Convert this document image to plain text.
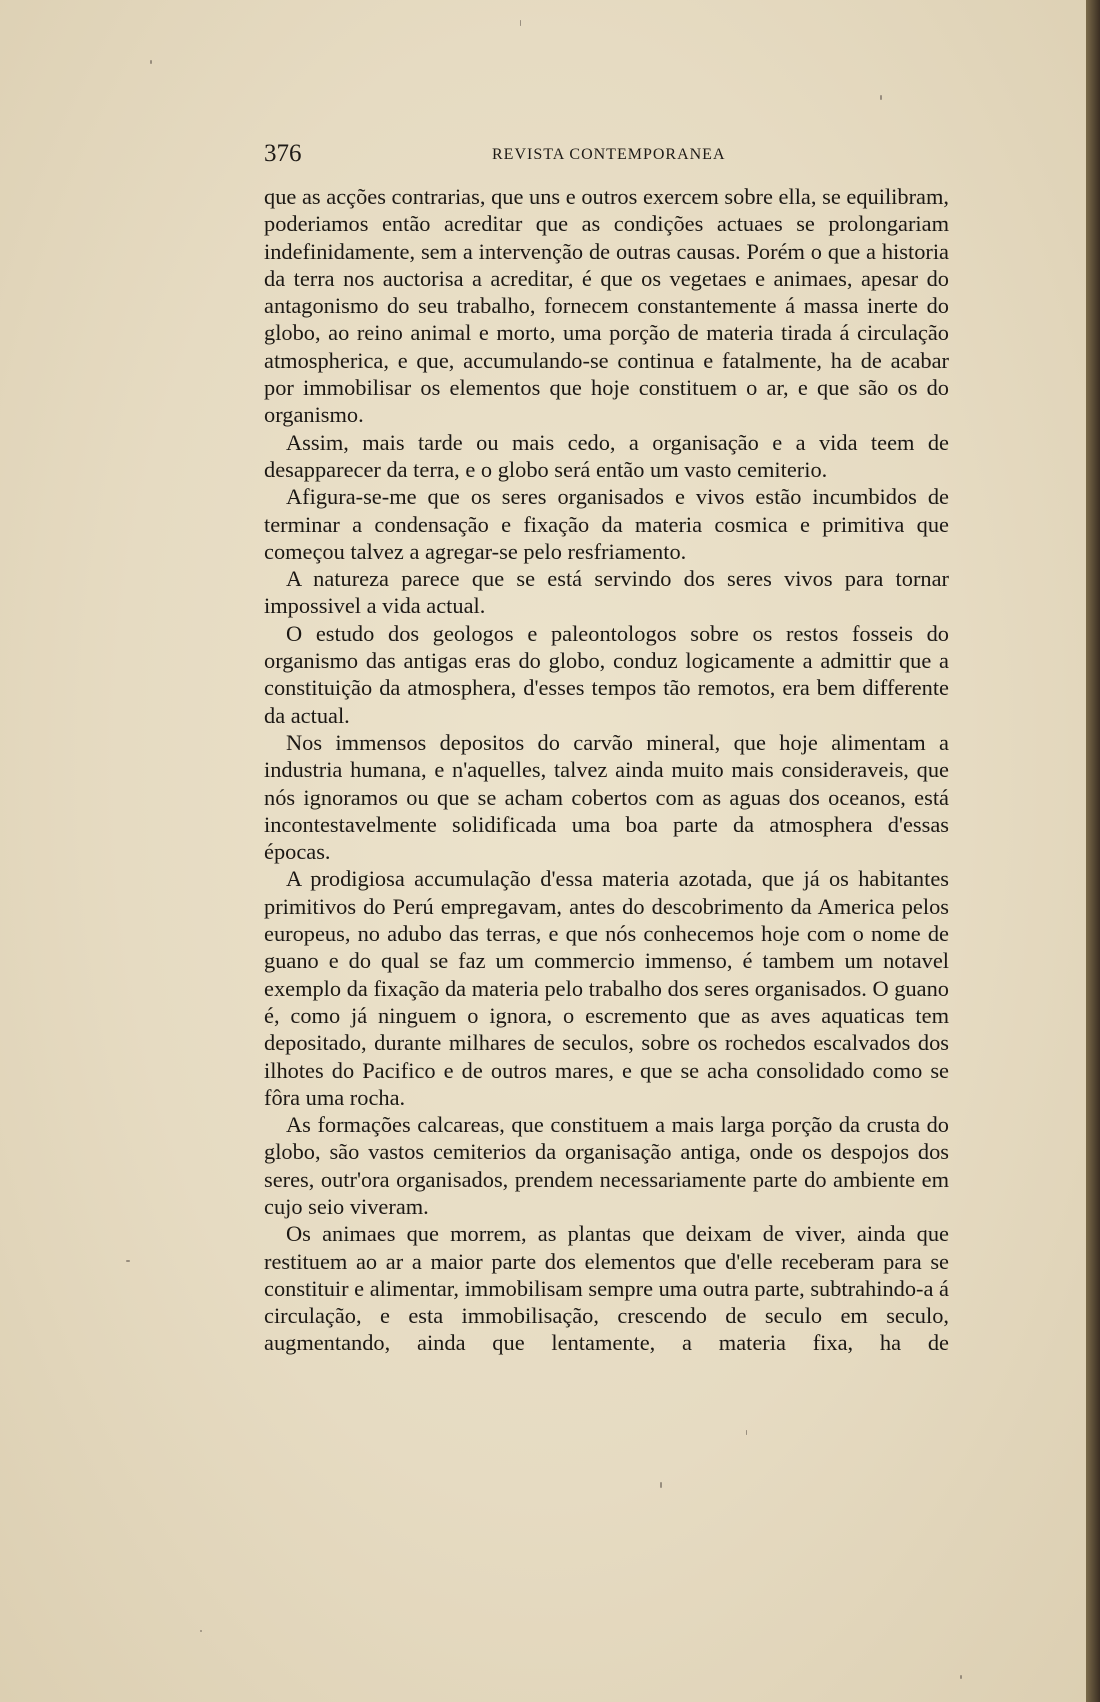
376	REVISTA CONTEMPORANEA

que as acções contrarias, que uns e outros exercem sobre ella, se equilibram, poderiamos então acreditar que as condições actuaes se prolongariam indefinidamente, sem a intervenção de outras causas. Porém o que a historia da terra nos auctorisa a acreditar, é que os vegetaes e animaes, apesar do antagonismo do seu trabalho, fornecem constantemente á massa inerte do globo, ao reino animal e morto, uma porção de materia tirada á circulação atmospherica, e que, accumulando-se continua e fatalmente, ha de acabar por immobilisar os elementos que hoje constituem o ar, e que são os do organismo.

Assim, mais tarde ou mais cedo, a organisação e a vida teem de desapparecer da terra, e o globo será então um vasto cemiterio.

Afigura-se-me que os seres organisados e vivos estão incumbidos de terminar a condensação e fixação da materia cosmica e primitiva que começou talvez a agregar-se pelo resfriamento.

A natureza parece que se está servindo dos seres vivos para tornar impossivel a vida actual.

O estudo dos geologos e paleontologos sobre os restos fosseis do organismo das antigas eras do globo, conduz logicamente a admittir que a constituição da atmosphera, d'esses tempos tão remotos, era bem differente da actual.

Nos immensos depositos do carvão mineral, que hoje alimentam a industria humana, e n'aquelles, talvez ainda muito mais consideraveis, que nós ignoramos ou que se acham cobertos com as aguas dos oceanos, está incontestavelmente solidificada uma boa parte da atmosphera d'essas épocas.

A prodigiosa accumulação d'essa materia azotada, que já os habitantes primitivos do Perú empregavam, antes do descobrimento da America pelos europeus, no adubo das terras, e que nós conhecemos hoje com o nome de guano e do qual se faz um commercio immenso, é tambem um notavel exemplo da fixação da materia pelo trabalho dos seres organisados. O guano é, como já ninguem o ignora, o escremento que as aves aquaticas tem depositado, durante milhares de seculos, sobre os rochedos escalvados dos ilhotes do Pacifico e de outros mares, e que se acha consolidado como se fôra uma rocha.

As formações calcareas, que constituem a mais larga porção da crusta do globo, são vastos cemiterios da organisação antiga, onde os despojos dos seres, outr'ora organisados, prendem necessariamente parte do ambiente em cujo seio viveram.

Os animaes que morrem, as plantas que deixam de viver, ainda que restituem ao ar a maior parte dos elementos que d'elle receberam para se constituir e alimentar, immobilisam sempre uma outra parte, subtrahindo-a á circulação, e esta immobilisação, crescendo de seculo em seculo, augmentando, ainda que lentamente, a materia fixa, ha de
